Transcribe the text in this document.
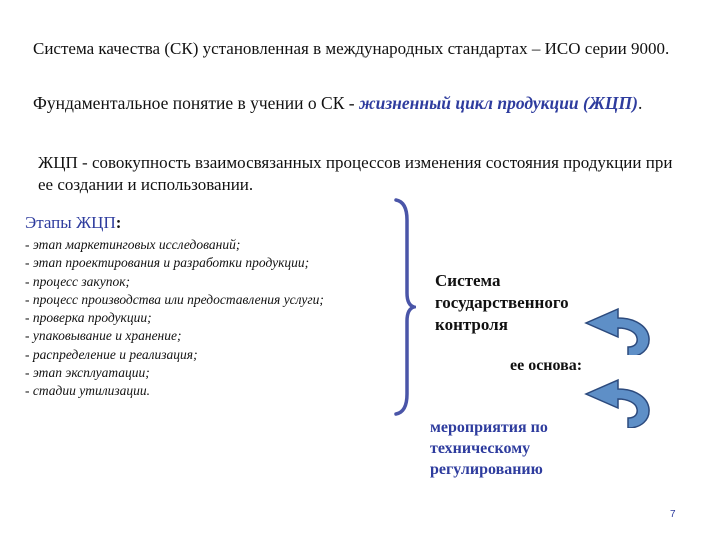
Система качества (СК) установленная в международных стандартах – ИСО серии 9000.

Фундаментальное понятие в учении о СК - жизненный цикл продукции (ЖЦП).

ЖЦП - совокупность взаимосвязанных процессов изменения состояния продукции при ее создании и использовании.

Этапы ЖЦП:
- этап маркетинговых исследований;
- этап проектирования и разработки продукции;
- процесс закупок;
- процесс производства или предоставления услуги;
- проверка продукции;
- упаковывание и хранение;
- распределение и реализация;
- этап эксплуатации;
- стадии утилизации.
Система
государственного
контроля
ее основа:
мероприятия по
техническому
регулированию
7
